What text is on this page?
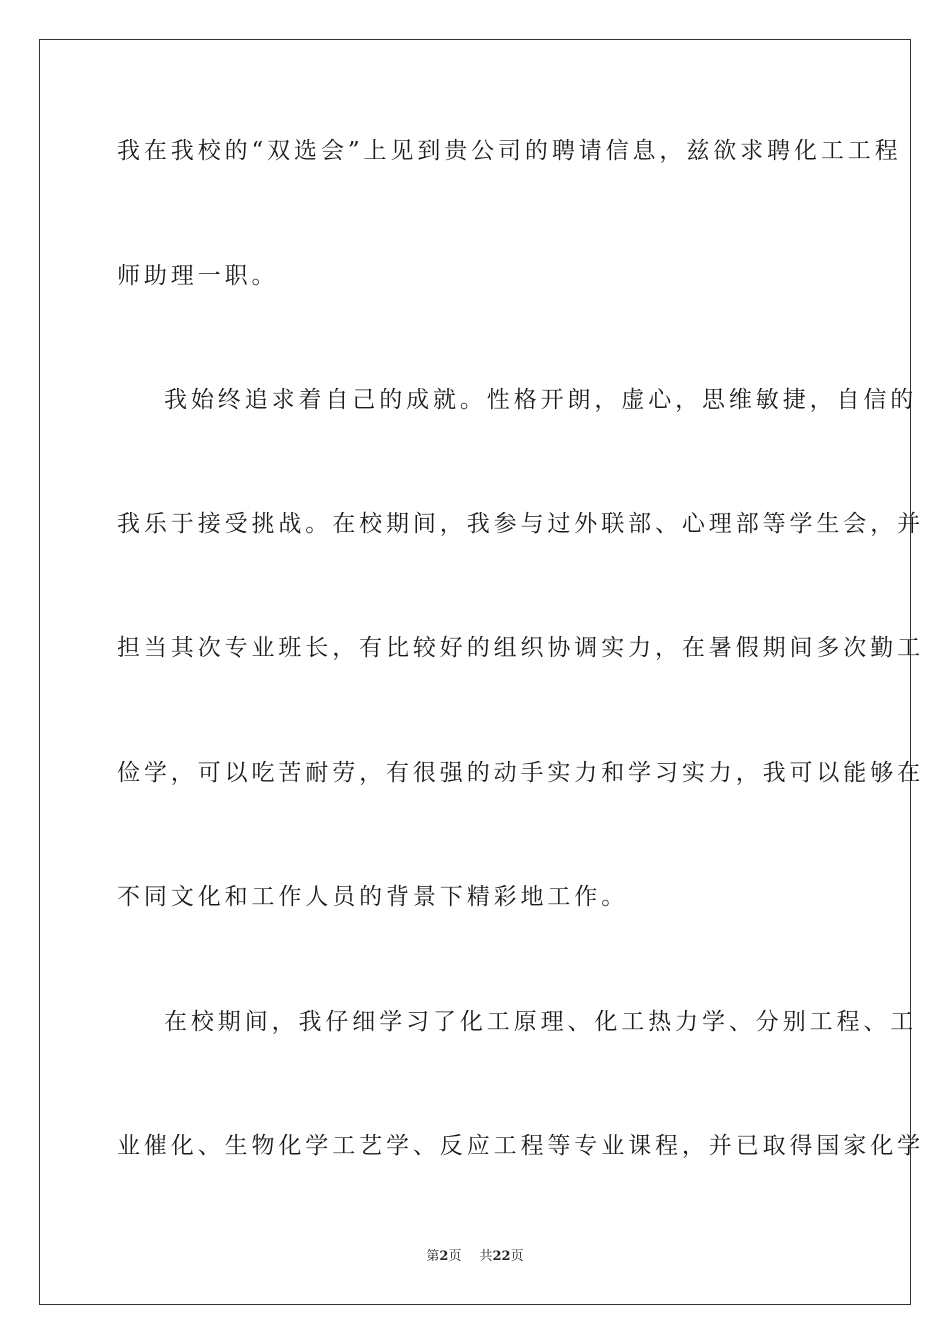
我在我校的“双选会”上见到贵公司的聘请信息，兹欲求聘化工工程
师助理一职。
我始终追求着自己的成就。性格开朗，虚心，思维敏捷，自信的
我乐于接受挑战。在校期间，我参与过外联部、心理部等学生会，并
担当其次专业班长，有比较好的组织协调实力，在暑假期间多次勤工
俭学，可以吃苦耐劳，有很强的动手实力和学习实力，我可以能够在
不同文化和工作人员的背景下精彩地工作。
在校期间，我仔细学习了化工原理、化工热力学、分别工程、工
业催化、生物化学工艺学、反应工程等专业课程，并已取得国家化学
第2页 共22页
